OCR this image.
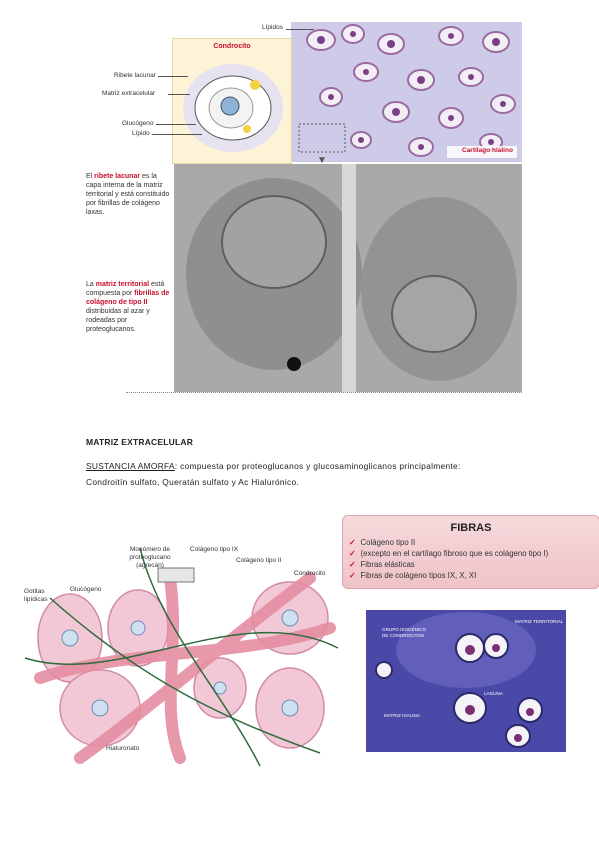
Cartílago hialino
Lípidos
Condrocito
Ribete lacunar
Matriz extracelular
Glucógeno
Lípido
▼
El ribete lacunar es la capa interna de la matriz territorial y está constituido por fibrillas de colágeno laxas.
La matriz territorial está compuesta por fibrillas de colágeno de tipo II distribuidas al azar y rodeadas por proteoglucanos.
MATRIZ EXTRACELULAR
SUSTANCIA AMORFA: compuesta por proteoglucanos y glucosaminoglicanos principalmente:
Condroitín sulfato, Queratán sulfato y Ac Hialurónico.
Monómero de proteoglucano (agrecán)
Colágeno tipo IX
Colágeno tipo II
Condrocito
Gotitas lipídicas
Glucógeno
Hialuronato
FIBRAS
✓ Colágeno tipo II
✓ (excepto en el cartílago fibroso que es colágeno tipo I)
✓ Fibras elásticas
✓ Fibras de colágeno tipos IX, X, XI
GRUPO ISOGÉNICO DE CONDROCITOS
MATRIZ TERRITORIAL
LAGUNA
MATRIZ HIALINA
